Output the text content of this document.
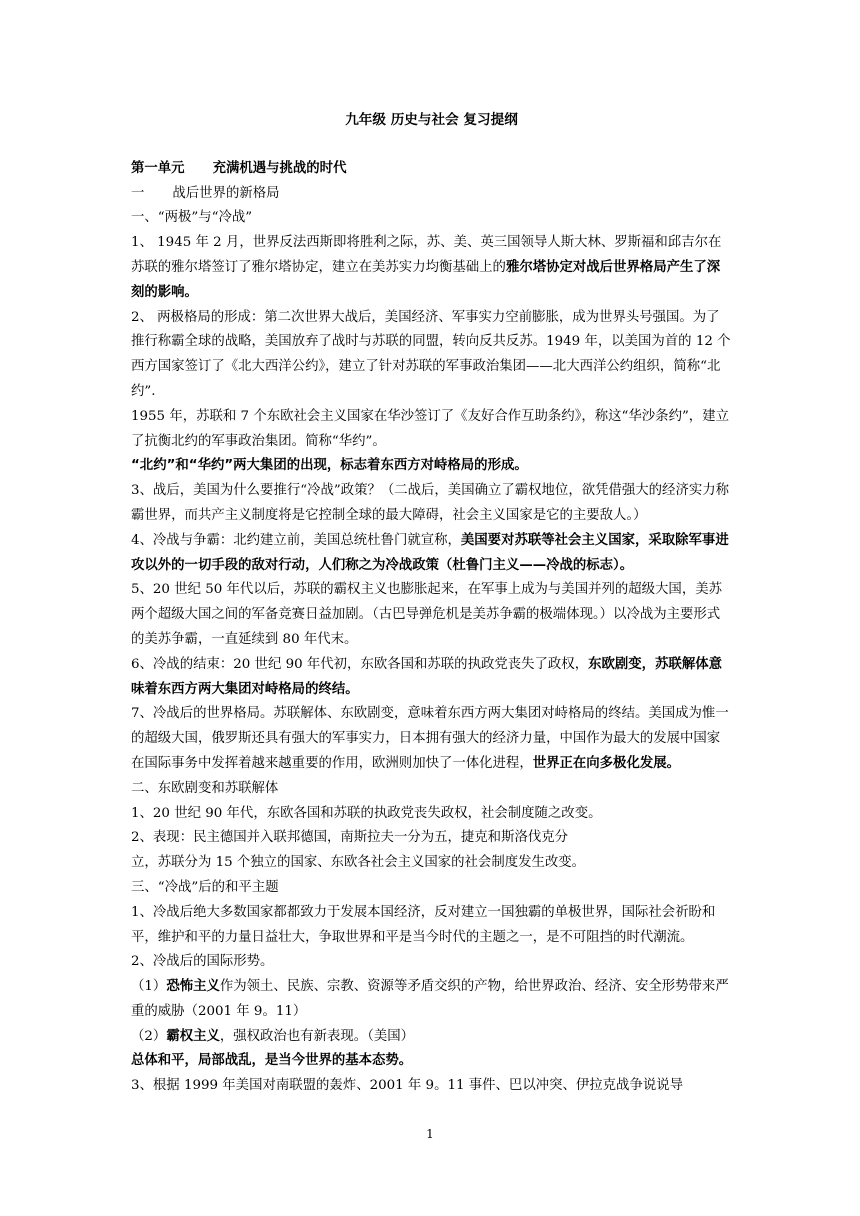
九年级 历史与社会 复习提纲

第一单元 充满机遇与挑战的时代

一 战后世界的新格局

一、“两极”与“冷战”

1、 1945 年 2 月，世界反法西斯即将胜利之际，苏、美、英三国领导人斯大林、罗斯福和邱吉尔在苏联的雅尔塔签订了雅尔塔协定，建立在美苏实力均衡基础上的雅尔塔协定对战后世界格局产生了深刻的影响。

2、 两极格局的形成：第二次世界大战后，美国经济、军事实力空前膨胀，成为世界头号强国。为了推行称霸全球的战略，美国放弃了战时与苏联的同盟，转向反共反苏。1949 年，以美国为首的 12 个西方国家签订了《北大西洋公约》，建立了针对苏联的军事政治集团——北大西洋公约组织，简称“北约”.

1955 年，苏联和 7 个东欧社会主义国家在华沙签订了《友好合作互助条约》，称这“华沙条约”，建立了抗衡北约的军事政治集团。简称“华约”。

“北约”和“华约”两大集团的出现，标志着东西方对峙格局的形成。

3、战后，美国为什么要推行“冷战”政策？（二战后，美国确立了霸权地位，欲凭借强大的经济实力称霸世界，而共产主义制度将是它控制全球的最大障碍，社会主义国家是它的主要敌人。）

4、冷战与争霸：北约建立前，美国总统杜鲁门就宣称，美国要对苏联等社会主义国家，采取除军事进攻以外的一切手段的敌对行动，人们称之为冷战政策（杜鲁门主义——冷战的标志）。

5、20 世纪 50 年代以后，苏联的霸权主义也膨胀起来，在军事上成为与美国并列的超级大国，美苏两个超级大国之间的军备竞赛日益加剧。（古巴导弹危机是美苏争霸的极端体现。）以冷战为主要形式的美苏争霸，一直延续到 80 年代末。

6、冷战的结束：20 世纪 90 年代初，东欧各国和苏联的执政党丧失了政权，东欧剧变，苏联解体意味着东西方两大集团对峙格局的终结。

7、冷战后的世界格局。苏联解体、东欧剧变，意味着东西方两大集团对峙格局的终结。美国成为惟一的超级大国，俄罗斯还具有强大的军事实力，日本拥有强大的经济力量，中国作为最大的发展中国家在国际事务中发挥着越来越重要的作用，欧洲则加快了一体化进程，世界正在向多极化发展。

二、东欧剧变和苏联解体

1、20 世纪 90 年代，东欧各国和苏联的执政党丧失政权，社会制度随之改变。

2、表现：民主德国并入联邦德国，南斯拉夫一分为五，捷克和斯洛伐克分

立，苏联分为 15 个独立的国家、东欧各社会主义国家的社会制度发生改变。

三、“冷战”后的和平主题

1、冷战后绝大多数国家都都致力于发展本国经济，反对建立一国独霸的单极世界，国际社会祈盼和平，维护和平的力量日益壮大，争取世界和平是当今时代的主题之一，是不可阻挡的时代潮流。

2、冷战后的国际形势。

（1）恐怖主义作为领土、民族、宗教、资源等矛盾交织的产物，给世界政治、经济、安全形势带来严重的威胁（2001 年 9。11）

（2）霸权主义，强权政治也有新表现。（美国）

总体和平，局部战乱，是当今世界的基本态势。

3、根据 1999 年美国对南联盟的轰炸、2001 年 9。11 事件、巴以冲突、伊拉克战争说说导

1
